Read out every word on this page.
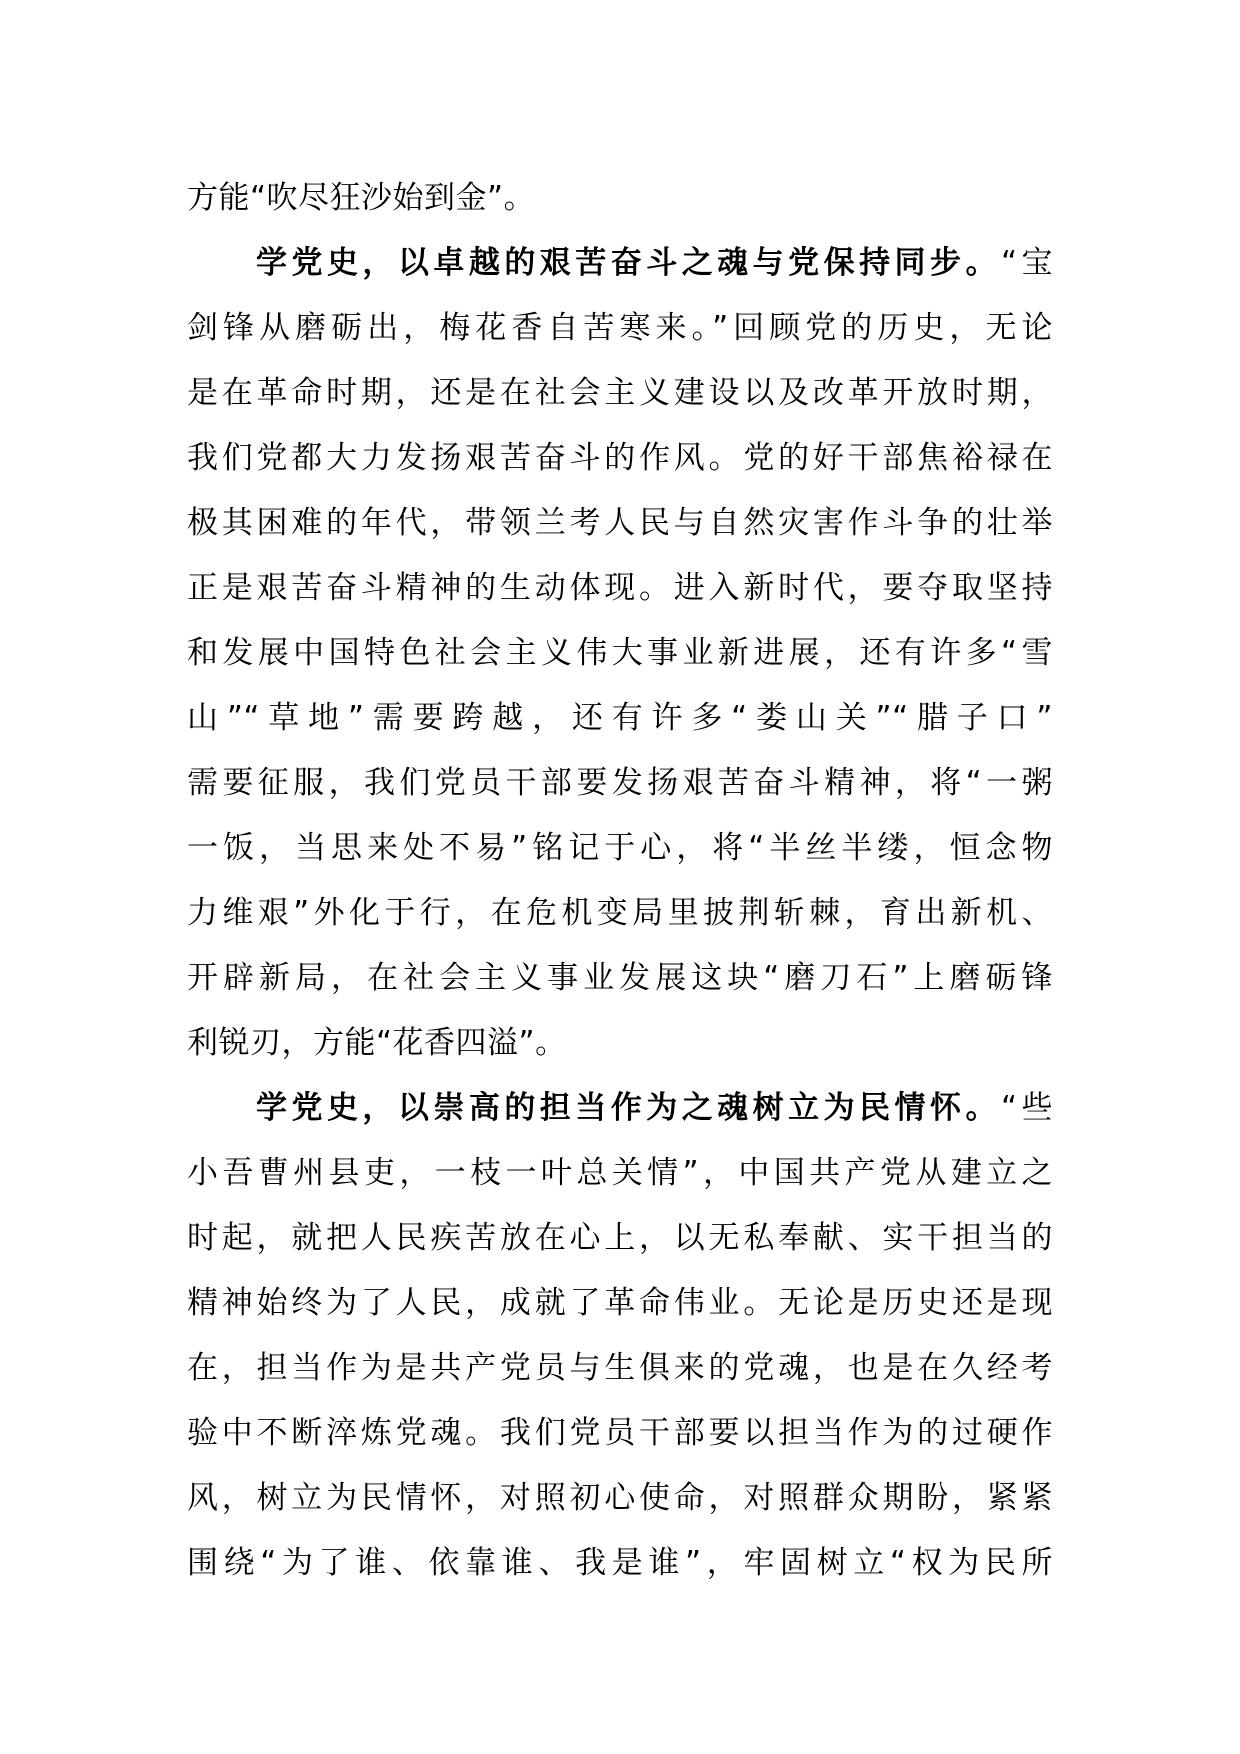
方能“吹尽狂沙始到金”。
学党史，以卓越的艰苦奋斗之魂与党保持同步。“宝
剑锋从磨砺出，梅花香自苦寒来。”回顾党的历史，无论
是在革命时期，还是在社会主义建设以及改革开放时期，
我们党都大力发扬艰苦奋斗的作风。党的好干部焦裕禄在
极其困难的年代，带领兰考人民与自然灾害作斗争的壮举
正是艰苦奋斗精神的生动体现。进入新时代，要夺取坚持
和发展中国特色社会主义伟大事业新进展，还有许多“雪
山”“草地”需要跨越，还有许多“娄山关”“腊子口”
需要征服，我们党员干部要发扬艰苦奋斗精神，将“一粥
一饭，当思来处不易”铭记于心，将“半丝半缕，恒念物
力维艰”外化于行，在危机变局里披荆斩棘，育出新机、
开辟新局，在社会主义事业发展这块“磨刀石”上磨砺锋
利锐刃，方能“花香四溢”。
学党史，以崇高的担当作为之魂树立为民情怀。“些
小吾曹州县吏，一枝一叶总关情”，中国共产党从建立之
时起，就把人民疾苦放在心上，以无私奉献、实干担当的
精神始终为了人民，成就了革命伟业。无论是历史还是现
在，担当作为是共产党员与生俱来的党魂，也是在久经考
验中不断淬炼党魂。我们党员干部要以担当作为的过硬作
风，树立为民情怀，对照初心使命，对照群众期盼，紧紧
围绕“为了谁、依靠谁、我是谁”，牢固树立“权为民所
